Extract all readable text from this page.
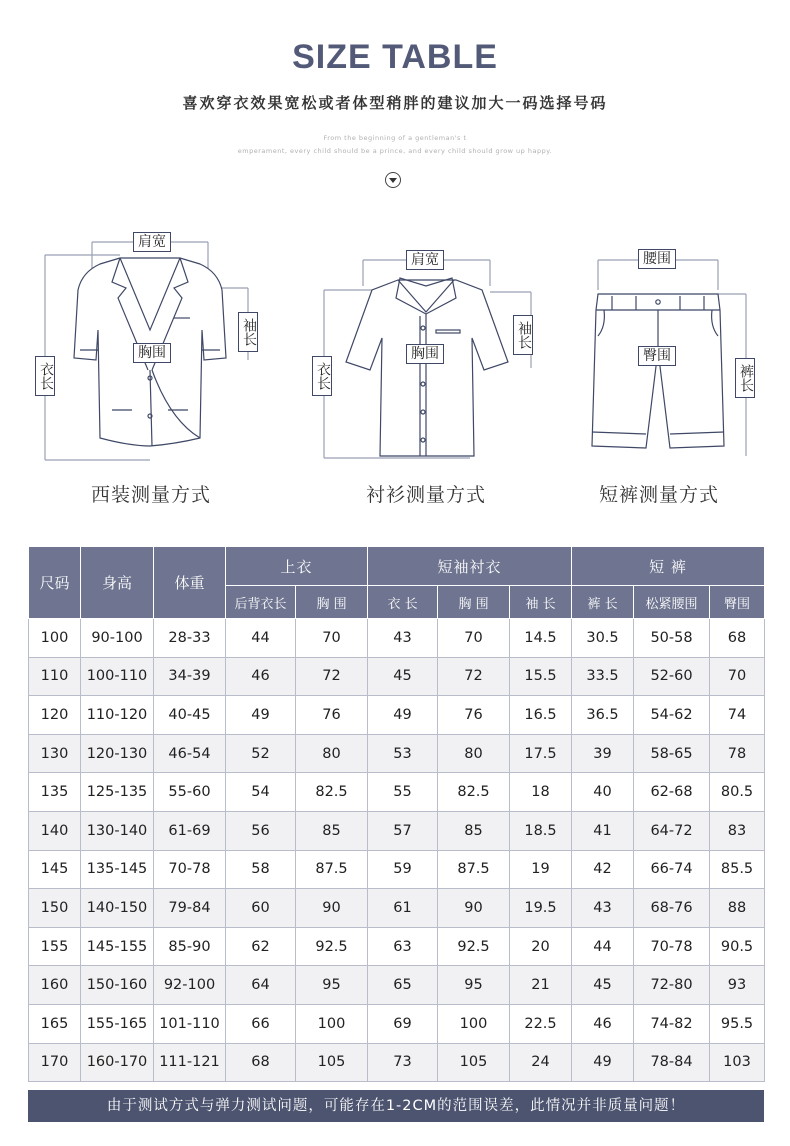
SIZE TABLE
喜欢穿衣效果宽松或者体型稍胖的建议加大一码选择号码
From the beginning of a gentleman's t
emperament, every child should be a prince, and every child should grow up happy.
肩宽
袖长
胸围
衣长
肩宽
袖长
胸围
衣长
腰围
臀围
裤长
西装测量方式	衬衫测量方式	短裤测量方式
尺码	身高	体重	上衣		短袖衬衣			短 裤		
			后背衣长	胸 围	衣 长	胸 围	袖 长	裤 长	松紧腰围	臀围
100	90-100	28-33	44	70	43	70	14.5	30.5	50-58	68
110	100-110	34-39	46	72	45	72	15.5	33.5	52-60	70
120	110-120	40-45	49	76	49	76	16.5	36.5	54-62	74
130	120-130	46-54	52	80	53	80	17.5	39	58-65	78
135	125-135	55-60	54	82.5	55	82.5	18	40	62-68	80.5
140	130-140	61-69	56	85	57	85	18.5	41	64-72	83
145	135-145	70-78	58	87.5	59	87.5	19	42	66-74	85.5
150	140-150	79-84	60	90	61	90	19.5	43	68-76	88
155	145-155	85-90	62	92.5	63	92.5	20	44	70-78	90.5
160	150-160	92-100	64	95	65	95	21	45	72-80	93
165	155-165	101-110	66	100	69	100	22.5	46	74-82	95.5
170	160-170	111-121	68	105	73	105	24	49	78-84	103
由于测试方式与弹力测试问题，可能存在1-2CM的范围误差，此情况并非质量问题！
